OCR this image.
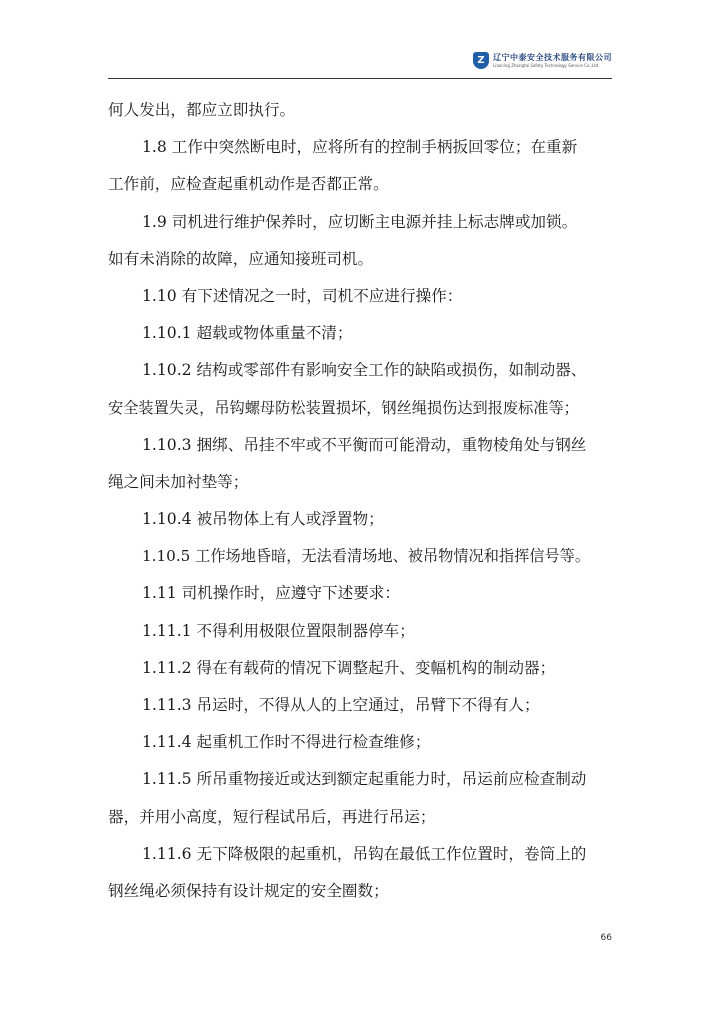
Z	辽宁中泰安全技术服务有限公司
Liaoning Zhongtai Safety Technology Service Co.,Ltd.
何人发出，都应立即执行。
1.8 工作中突然断电时，应将所有的控制手柄扳回零位；在重新
工作前，应检查起重机动作是否都正常。
1.9 司机进行维护保养时，应切断主电源并挂上标志牌或加锁。
如有未消除的故障，应通知接班司机。
1.10 有下述情况之一时，司机不应进行操作：
1.10.1 超载或物体重量不清；
1.10.2 结构或零部件有影响安全工作的缺陷或损伤，如制动器、
安全装置失灵，吊钩螺母防松装置损坏，钢丝绳损伤达到报废标准等；
1.10.3 捆绑、吊挂不牢或不平衡而可能滑动，重物棱角处与钢丝
绳之间未加衬垫等；
1.10.4 被吊物体上有人或浮置物；
1.10.5 工作场地昏暗，无法看清场地、被吊物情况和指挥信号等。
1.11 司机操作时，应遵守下述要求：
1.11.1 不得利用极限位置限制器停车；
1.11.2 得在有载荷的情况下调整起升、变幅机构的制动器；
1.11.3 吊运时，不得从人的上空通过，吊臂下不得有人；
1.11.4 起重机工作时不得进行检查维修；
1.11.5 所吊重物接近或达到额定起重能力时，吊运前应检查制动
器，并用小高度，短行程试吊后，再进行吊运；
1.11.6 无下降极限的起重机，吊钩在最低工作位置时，卷筒上的
钢丝绳必须保持有设计规定的安全圈数；
66
